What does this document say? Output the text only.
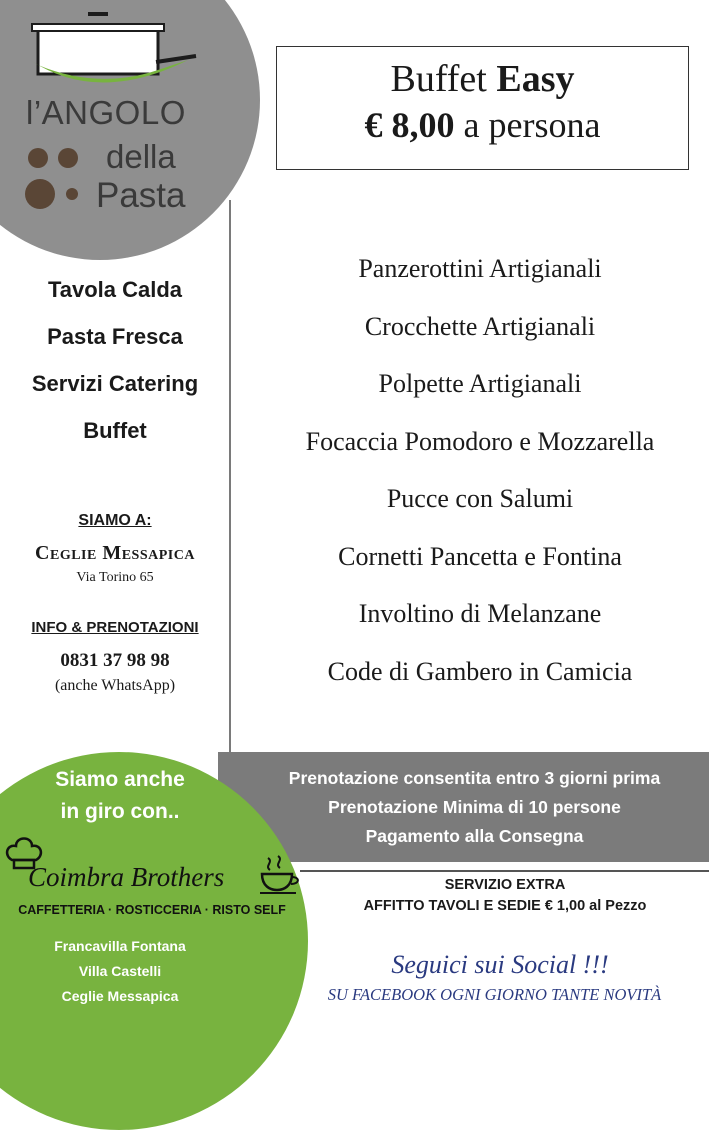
l’ANGOLO
della
Pasta
Buffet Easy
€ 8,00 a persona
Panzerottini Artigianali
Crocchette Artigianali
Polpette Artigianali
Focaccia Pomodoro e Mozzarella
Pucce con Salumi
Cornetti Pancetta e Fontina
Involtino di Melanzane
Code di Gambero in Camicia
Tavola Calda
Pasta Fresca
Servizi Catering
Buffet
SIAMO A:
Ceglie Messapica
Via Torino 65
INFO & PRENOTAZIONI
0831 37 98 98
(anche WhatsApp)
Prenotazione consentita entro 3 giorni prima
Prenotazione Minima di 10 persone
Pagamento alla Consegna
Siamo anche
in giro con..
Coimbra Brothers
CAFFETTERIA · ROSTICCERIA · RISTO SELF
Francavilla Fontana
Villa Castelli
Ceglie Messapica
SERVIZIO EXTRA
AFFITTO TAVOLI E SEDIE € 1,00 al Pezzo
Seguici sui Social !!!
SU FACEBOOK OGNI GIORNO TANTE NOVITÀ
